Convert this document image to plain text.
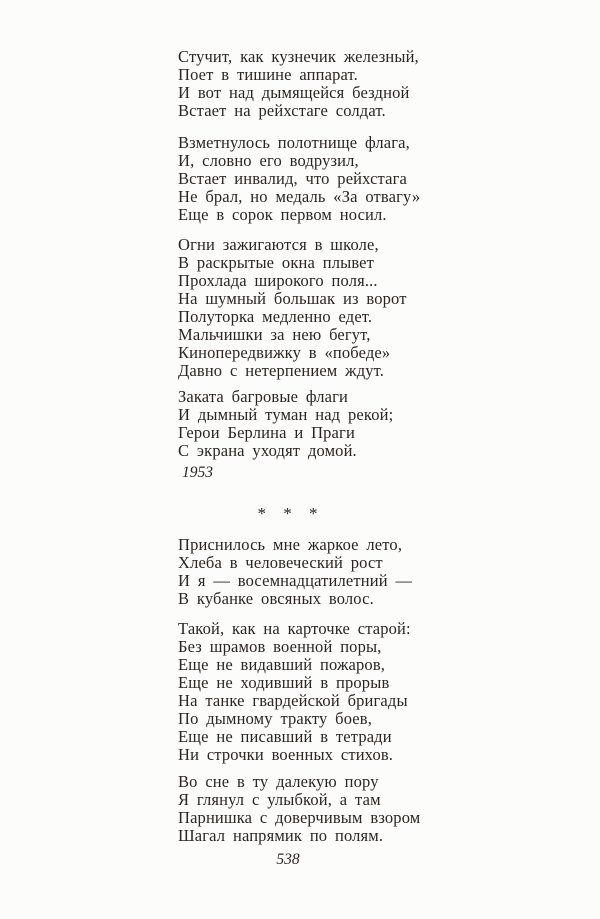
Стучит, как кузнечик железный,
Поет в тишине аппарат.
И вот над дымящейся бездной
Встает на рейхстаге солдат.
Взметнулось полотнище флага,
И, словно его водрузил,
Встает инвалид, что рейхстага
Не брал, но медаль «За отвагу»
Еще в сорок первом носил.
Огни зажигаются в школе,
В раскрытые окна плывет
Прохлада широкого поля...
На шумный большак из ворот
Полуторка медленно едет.
Мальчишки за нею бегут,
Кинопередвижку в «победе»
Давно с нетерпением ждут.
Заката багровые флаги
И дымный туман над рекой;
Герои Берлина и Праги
С экрана уходят домой.
1953
* * *
Приснилось мне жаркое лето,
Хлеба в человеческий рост
И я — восемнадцатилетний —
В кубанке овсяных волос.
Такой, как на карточке старой:
Без шрамов военной поры,
Еще не видавший пожаров,
Еще не ходивший в прорыв
На танке гвардейской бригады
По дымному тракту боев,
Еще не писавший в тетради
Ни строчки военных стихов.
Во сне в ту далекую пору
Я глянул с улыбкой, а там
Парнишка с доверчивым взором
Шагал напрямик по полям.
538
